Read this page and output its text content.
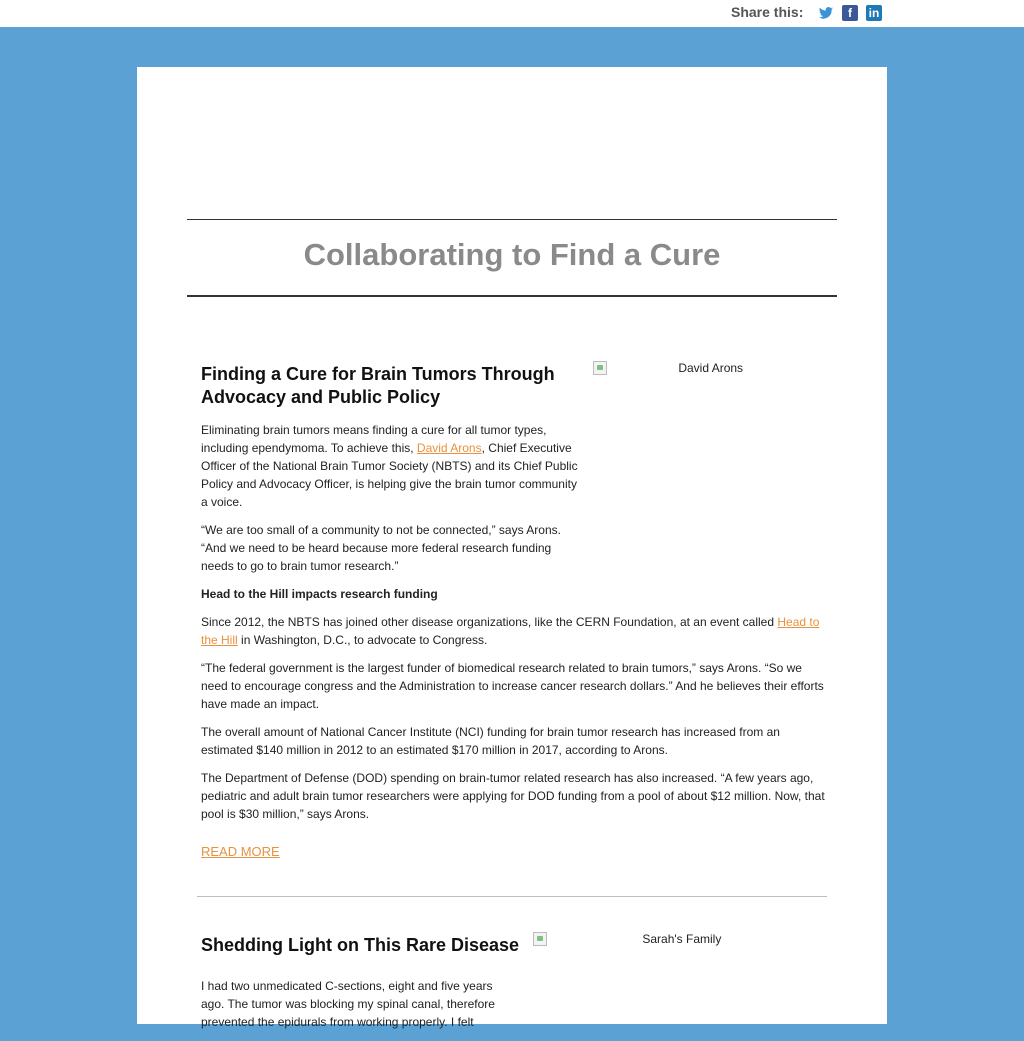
Share this:	f	in
Collaborating to Find a Cure
Finding a Cure for Brain Tumors Through Advocacy and Public Policy
David Arons

Eliminating brain tumors means finding a cure for all tumor types, including ependymoma. To achieve this, David Arons, Chief Executive Officer of the National Brain Tumor Society (NBTS) and its Chief Public Policy and Advocacy Officer, is helping give the brain tumor community a voice.

“We are too small of a community to not be connected,” says Arons. “And we need to be heard because more federal research funding needs to go to brain tumor research.”

Head to the Hill impacts research funding

Since 2012, the NBTS has joined other disease organizations, like the CERN Foundation, at an event called Head to the Hill in Washington, D.C., to advocate to Congress.

“The federal government is the largest funder of biomedical research related to brain tumors,” says Arons. “So we need to encourage congress and the Administration to increase cancer research dollars.” And he believes their efforts have made an impact.

The overall amount of National Cancer Institute (NCI) funding for brain tumor research has increased from an estimated $140 million in 2012 to an estimated $170 million in 2017, according to Arons.

The Department of Defense (DOD) spending on brain-tumor related research has also increased. “A few years ago, pediatric and adult brain tumor researchers were applying for DOD funding from a pool of about $12 million. Now, that pool is $30 million,” says Arons.

READ MORE
Shedding Light on This Rare Disease	Sarah's Family

I had two unmedicated C-sections, eight and five years ago. The tumor was blocking my spinal canal, therefore prevented the epidurals from working properly. I felt
